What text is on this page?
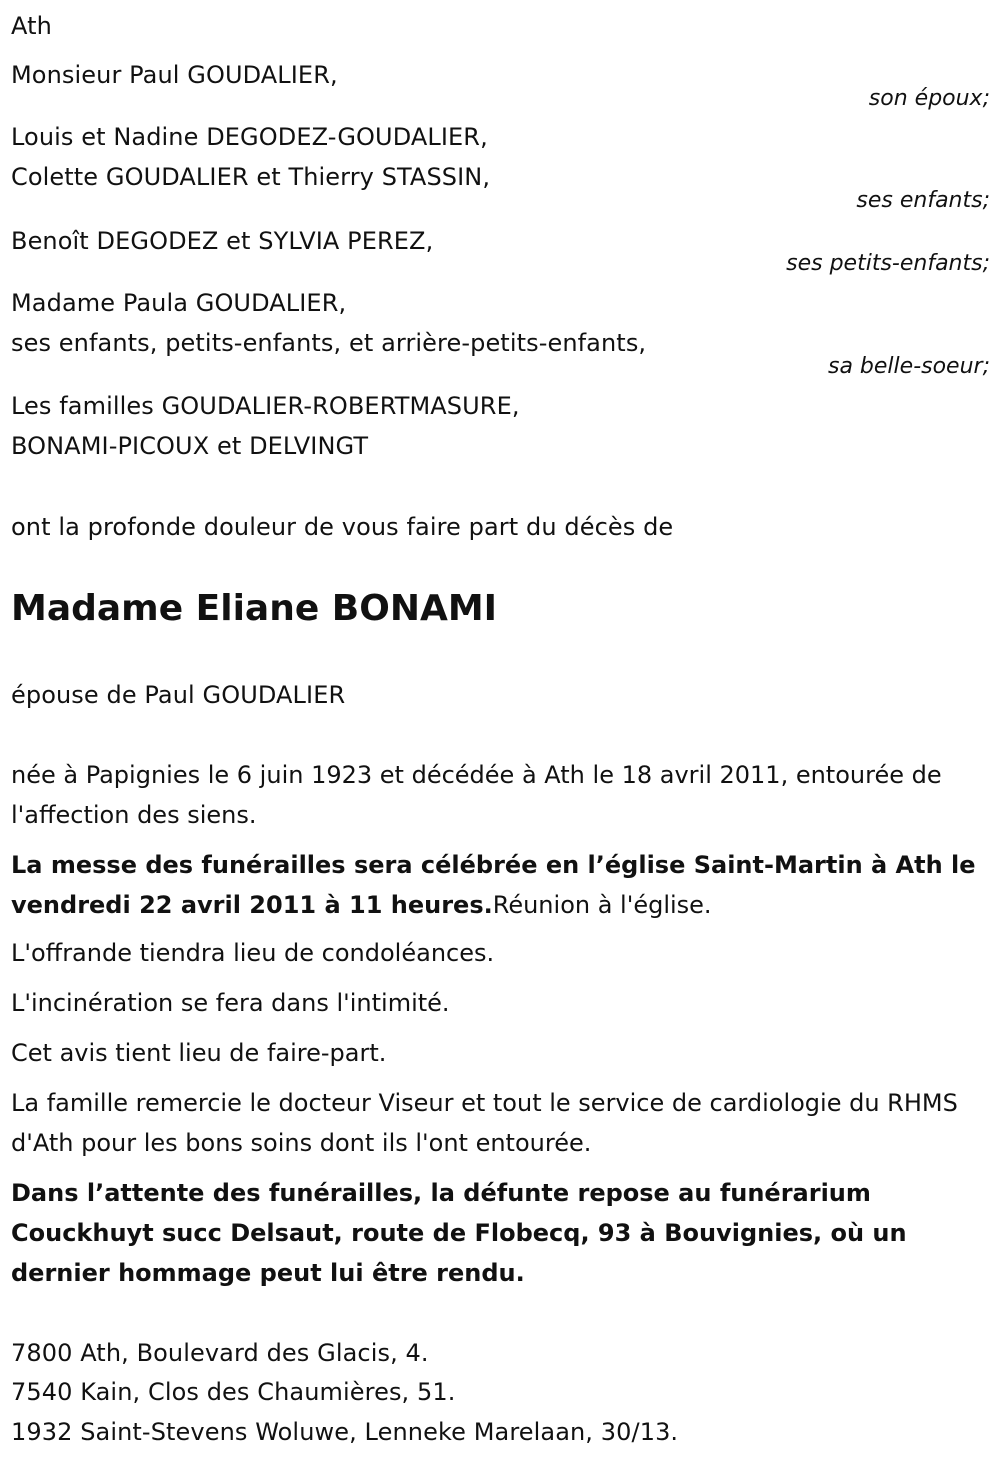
Ath
Monsieur Paul GOUDALIER,
son époux;
Louis et Nadine DEGODEZ-GOUDALIER,
Colette GOUDALIER et Thierry STASSIN,
ses enfants;
Benoît DEGODEZ et SYLVIA PEREZ,
ses petits-enfants;
Madame Paula GOUDALIER,
ses enfants, petits-enfants, et arrière-petits-enfants,
sa belle-soeur;
Les familles GOUDALIER-ROBERTMASURE,
BONAMI-PICOUX et DELVINGT
ont la profonde douleur de vous faire part du décès de
Madame Eliane BONAMI
épouse de Paul GOUDALIER
née à Papignies le 6 juin 1923 et décédée à Ath le 18 avril 2011, entourée de l'affection des siens.
La messe des funérailles sera célébrée en l’église Saint-Martin à Ath le vendredi 22 avril 2011 à 11 heures.Réunion à l'église.
L'offrande tiendra lieu de condoléances.
L'incinération se fera dans l'intimité.
Cet avis tient lieu de faire-part.
La famille remercie le docteur Viseur et tout le service de cardiologie du RHMS d'Ath pour les bons soins dont ils l'ont entourée.
Dans l’attente des funérailles, la défunte repose au funérarium Couckhuyt succ Delsaut, route de Flobecq, 93 à Bouvignies, où un dernier hommage peut lui être rendu.
7800 Ath, Boulevard des Glacis, 4.
7540 Kain, Clos des Chaumières, 51.
1932 Saint-Stevens Woluwe, Lenneke Marelaan, 30/13.
